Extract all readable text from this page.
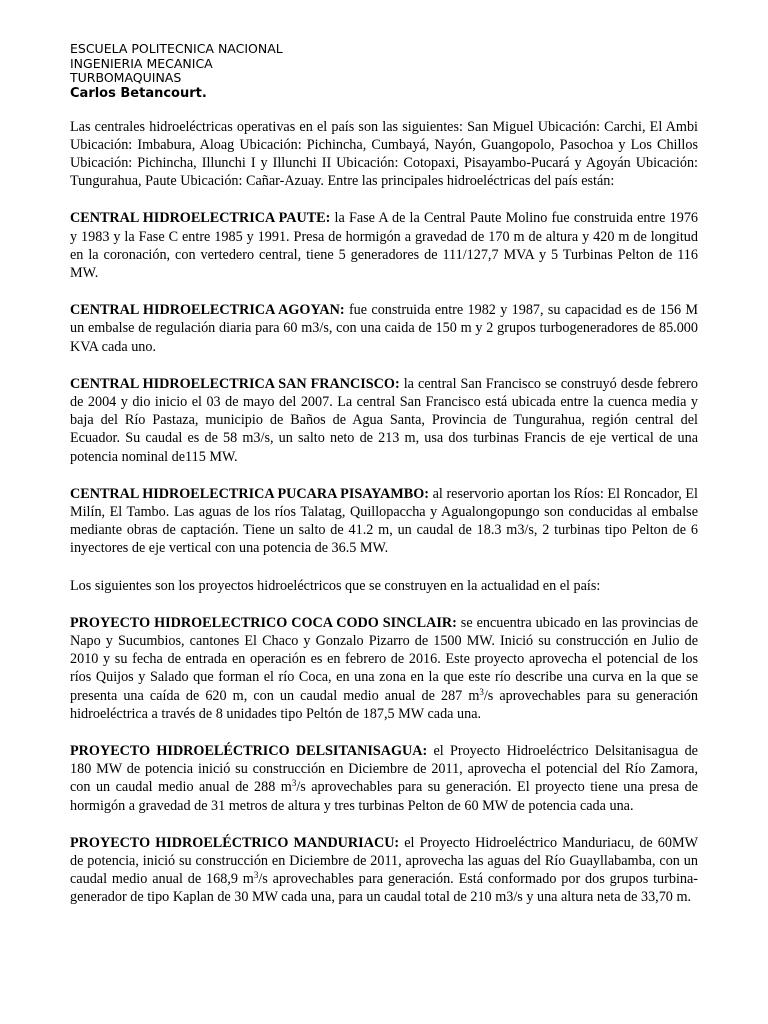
ESCUELA POLITECNICA NACIONAL
INGENIERIA MECANICA
TURBOMAQUINAS
Carlos Betancourt.

Las centrales hidroeléctricas operativas en el país son las siguientes: San Miguel Ubicación: Carchi, El Ambi Ubicación: Imbabura, Aloag Ubicación: Pichincha, Cumbayá, Nayón, Guangopolo, Pasochoa y Los Chillos Ubicación: Pichincha, Illunchi I y Illunchi II Ubicación: Cotopaxi, Pisayambo-Pucará y Agoyán Ubicación: Tungurahua, Paute Ubicación: Cañar-Azuay. Entre las principales hidroeléctricas del país están:

CENTRAL HIDROELECTRICA PAUTE: la Fase A de la Central Paute Molino fue construida entre 1976 y 1983 y la Fase C entre 1985 y 1991. Presa de hormigón a gravedad de 170 m de altura y 420 m de longitud en la coronación, con vertedero central, tiene 5 generadores de 111/127,7 MVA y 5 Turbinas Pelton de 116 MW.

CENTRAL HIDROELECTRICA AGOYAN: fue construida entre 1982 y 1987, su capacidad es de 156 M un embalse de regulación diaria para 60 m3/s, con una caida de 150 m y 2 grupos turbogeneradores de 85.000 KVA cada uno.

CENTRAL HIDROELECTRICA SAN FRANCISCO: la central San Francisco se construyó desde febrero de 2004 y dio inicio el 03 de mayo del 2007. La central San Francisco está ubicada entre la cuenca media y baja del Río Pastaza, municipio de Baños de Agua Santa, Provincia de Tungurahua, región central del Ecuador. Su caudal es de 58 m3/s, un salto neto de 213 m, usa dos turbinas Francis de eje vertical de una potencia nominal de115 MW.

CENTRAL HIDROELECTRICA PUCARA PISAYAMBO: al reservorio aportan los Ríos: El Roncador, El Milín, El Tambo. Las aguas de los ríos Talatag, Quillopaccha y Agualongopungo son conducidas al embalse mediante obras de captación. Tiene un salto de 41.2 m, un caudal de 18.3 m3/s, 2 turbinas tipo Pelton de 6 inyectores de eje vertical con una potencia de 36.5 MW.

Los siguientes son los proyectos hidroeléctricos que se construyen en la actualidad en el país:

PROYECTO HIDROELECTRICO COCA CODO SINCLAIR: se encuentra ubicado en las provincias de Napo y Sucumbios, cantones El Chaco y Gonzalo Pizarro de 1500 MW. Inició su construcción en Julio de 2010 y su fecha de entrada en operación es en febrero de 2016. Este proyecto aprovecha el potencial de los ríos Quijos y Salado que forman el río Coca, en una zona en la que este río describe una curva en la que se presenta una caída de 620 m, con un caudal medio anual de 287 $m^3/s$ aprovechables para su generación hidroeléctrica a través de 8 unidades tipo Peltón de 187,5 MW cada una.

PROYECTO HIDROELÉCTRICO DELSITANISAGUA: el Proyecto Hidroeléctrico Delsitanisagua de 180 MW de potencia inició su construcción en Diciembre de 2011, aprovecha el potencial del Río Zamora, con un caudal medio anual de 288 $m^3/s$ aprovechables para su generación. El proyecto tiene una presa de hormigón a gravedad de 31 metros de altura y tres turbinas Pelton de 60 MW de potencia cada una.

PROYECTO HIDROELÉCTRICO MANDURIACU: el Proyecto Hidroeléctrico Manduriacu, de 60MW de potencia, inició su construcción en Diciembre de 2011, aprovecha las aguas del Río Guayllabamba, con un caudal medio anual de 168,9 $m^3/s$ aprovechables para generación. Está conformado por dos grupos turbina-generador de tipo Kaplan de 30 MW cada una, para un caudal total de 210 m3/s y una altura neta de 33,70 m.
